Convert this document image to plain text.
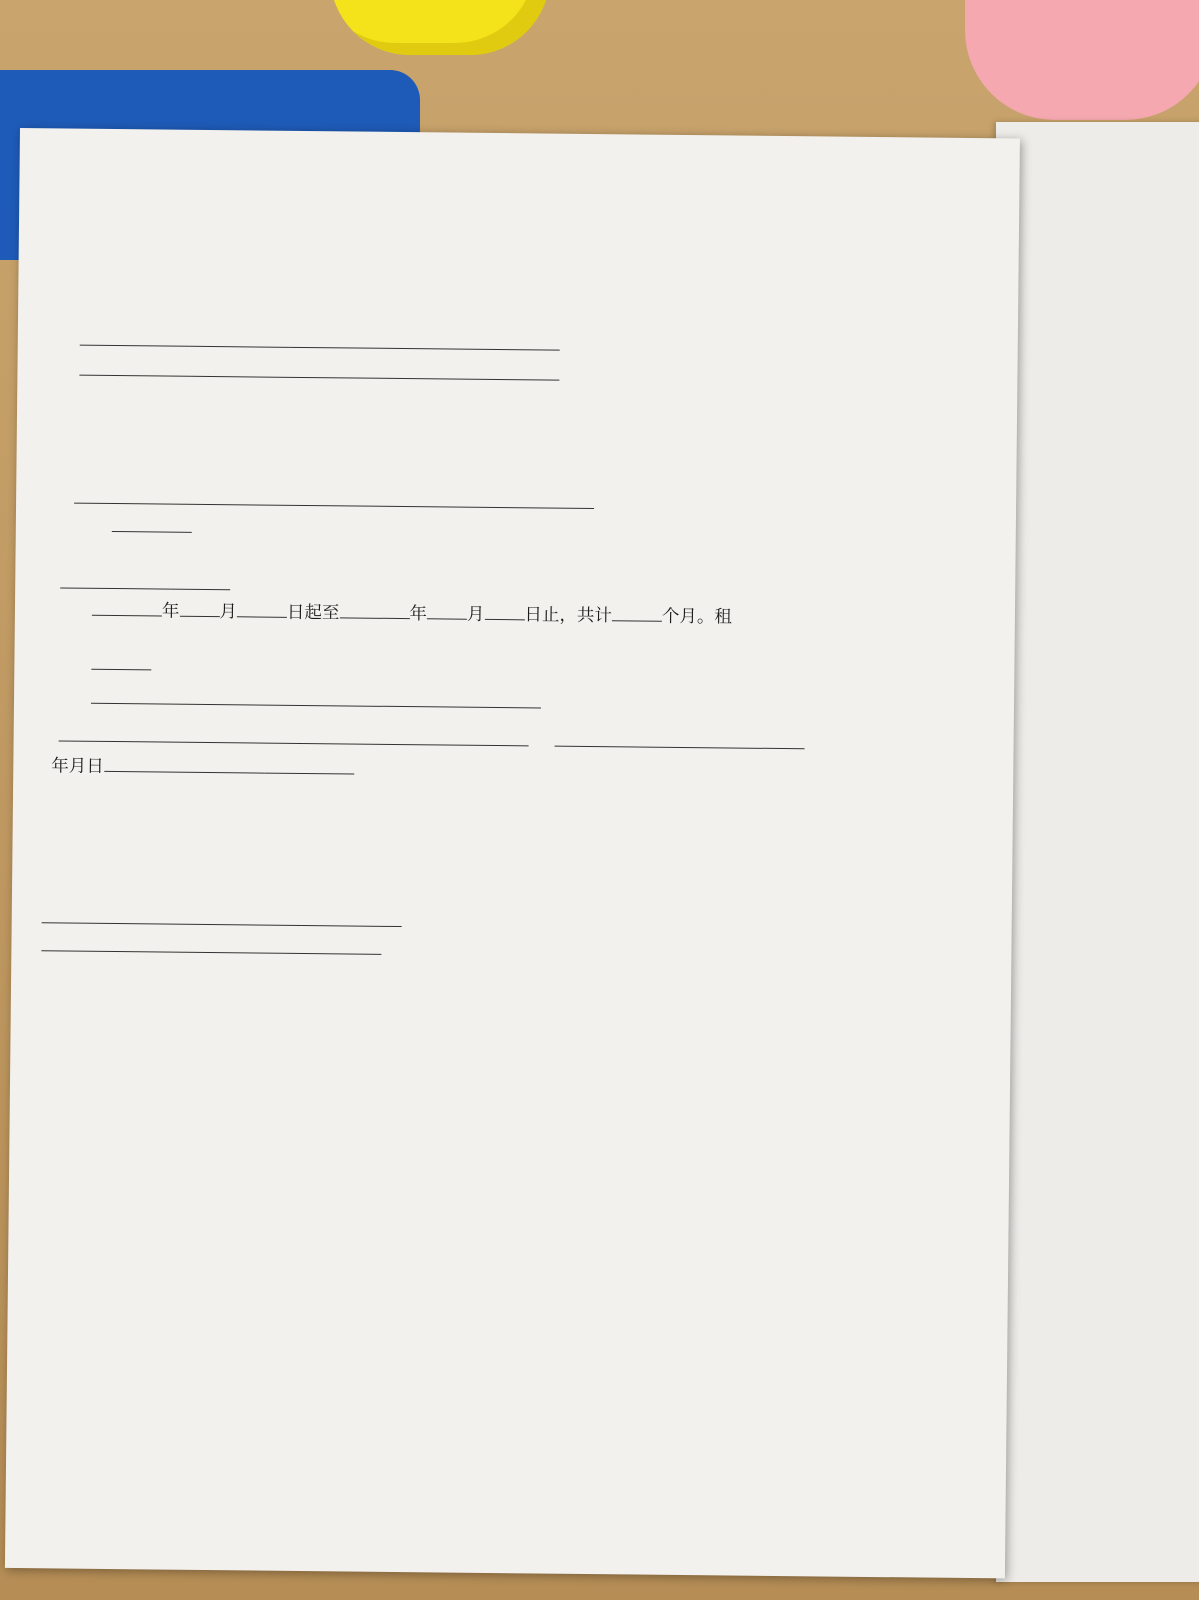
年 月	日起至	年 月 日止，共计	个月。租

年月日
